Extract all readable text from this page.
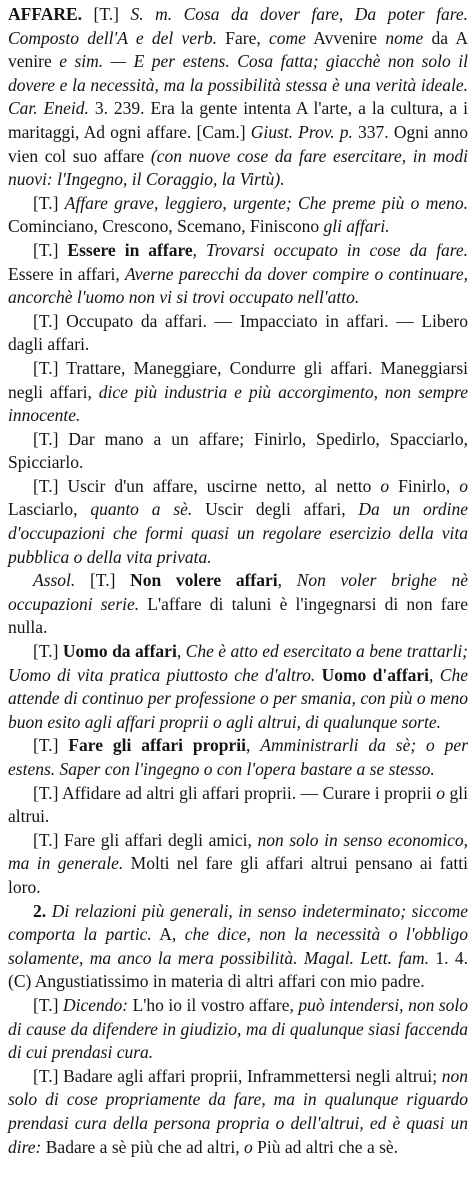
AFFARE. [T.] S. m. Cosa da dover fare, Da poter fare. Composto dell'A e del verb. Fare, come Avvenire nome da A venire e sim. — E per estens. Cosa fatta; giacchè non solo il dovere e la necessità, ma la possibilità stessa è una verità ideale. Car. Eneid. 3. 239. Era la gente intenta A l'arte, a la cultura, a i maritaggi, Ad ogni affare. [Cam.] Giust. Prov. p. 337. Ogni anno vien col suo affare (con nuove cose da fare esercitare, in modi nuovi: l'Ingegno, il Coraggio, la Virtù).

[T.] Affare grave, leggiero, urgente; Che preme più o meno. Cominciano, Crescono, Scemano, Finiscono gli affari.

[T.] Essere in affare, Trovarsi occupato in cose da fare. Essere in affari, Averne parecchi da dover compire o continuare, ancorchè l'uomo non vi si trovi occupato nell'atto.

[T.] Occupato da affari. — Impacciato in affari. — Libero dagli affari.

[T.] Trattare, Maneggiare, Condurre gli affari. Maneggiarsi negli affari, dice più industria e più accorgimento, non sempre innocente.

[T.] Dar mano a un affare; Finirlo, Spedirlo, Spacciarlo, Spicciarlo.

[T.] Uscir d'un affare, uscirne netto, al netto o Finirlo, o Lasciarlo, quanto a sè. Uscir degli affari, Da un ordine d'occupazioni che formi quasi un regolare esercizio della vita pubblica o della vita privata.

Assol. [T.] Non volere affari, Non voler brighe nè occupazioni serie. L'affare di taluni è l'ingegnarsi di non fare nulla.

[T.] Uomo da affari, Che è atto ed esercitato a bene trattarli; Uomo di vita pratica piuttosto che d'altro. Uomo d'affari, Che attende di continuo per professione o per smania, con più o meno buon esito agli affari proprii o agli altrui, di qualunque sorte.

[T.] Fare gli affari proprii, Amministrarli da sè; o per estens. Saper con l'ingegno o con l'opera bastare a se stesso.

[T.] Affidare ad altri gli affari proprii. — Curare i proprii o gli altrui.

[T.] Fare gli affari degli amici, non solo in senso economico, ma in generale. Molti nel fare gli affari altrui pensano ai fatti loro.

2. Di relazioni più generali, in senso indeterminato; siccome comporta la partic. A, che dice, non la necessità o l'obbligo solamente, ma anco la mera possibilità. Magal. Lett. fam. 1. 4. (C) Angustiatissimo in materia di altri affari con mio padre.

[T.] Dicendo: L'ho io il vostro affare, può intendersi, non solo di cause da difendere in giudizio, ma di qualunque siasi faccenda di cui prendasi cura.

[T.] Badare agli affari proprii, Inframmettersi negli altrui; non solo di cose propriamente da fare, ma in qualunque riguardo prendasi cura della persona propria o dell'altrui, ed è quasi un dire: Badare a sè più che ad altri, o Più ad altri che a sè.
